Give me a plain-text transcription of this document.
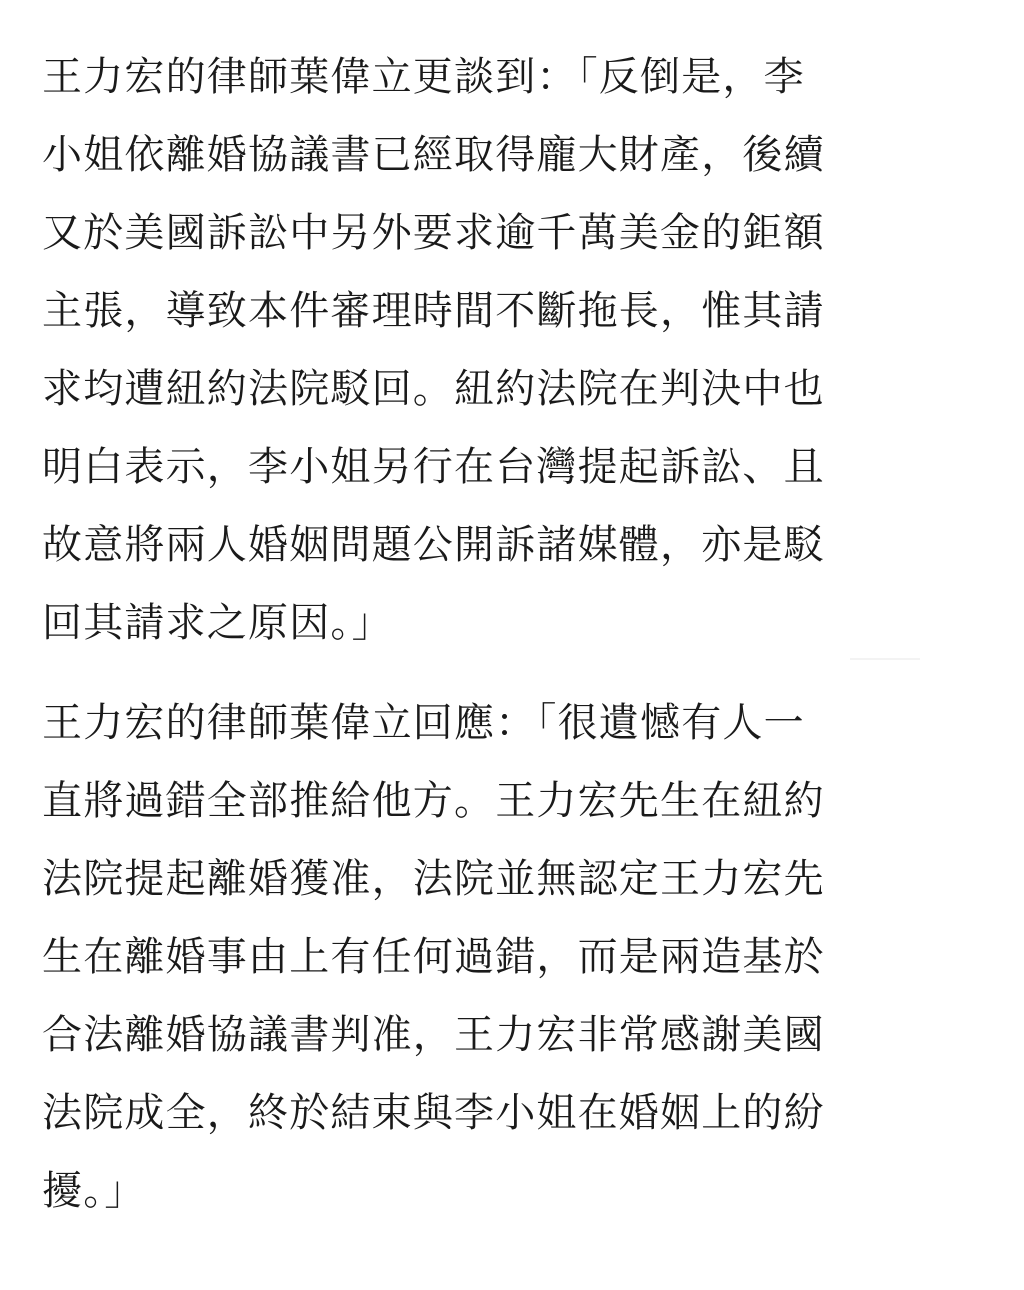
王力宏的律師葉偉立更談到：「反倒是，李
小姐依離婚協議書已經取得龐大財產，後續
又於美國訴訟中另外要求逾千萬美金的鉅額
主張，導致本件審理時間不斷拖長，惟其請
求均遭紐約法院駁回。紐約法院在判決中也
明白表示，李小姐另行在台灣提起訴訟、且
故意將兩人婚姻問題公開訴諸媒體，亦是駁
回其請求之原因。」
王力宏的律師葉偉立回應：「很遺憾有人一
直將過錯全部推給他方。王力宏先生在紐約
法院提起離婚獲准，法院並無認定王力宏先
生在離婚事由上有任何過錯，而是兩造基於
合法離婚協議書判准，王力宏非常感謝美國
法院成全，終於結束與李小姐在婚姻上的紛
擾。」
